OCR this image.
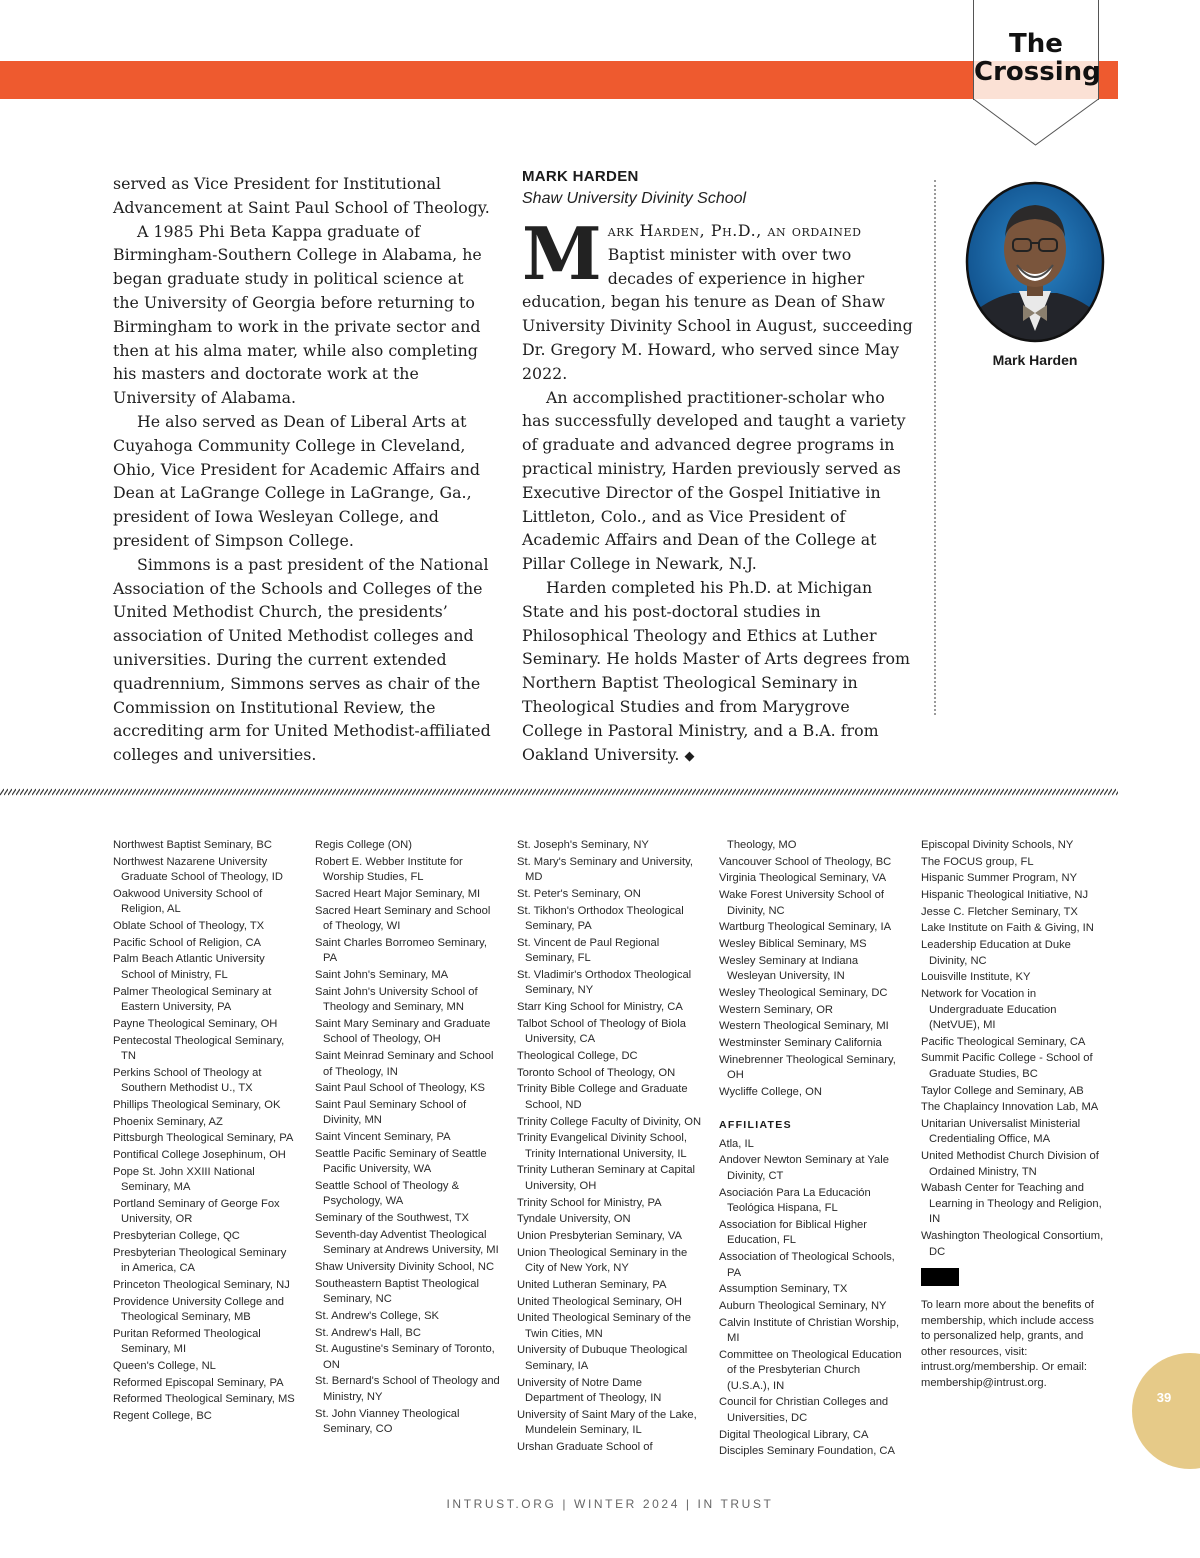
The
Crossing

served as Vice President for Institutional Advancement at Saint Paul School of Theology.

A 1985 Phi Beta Kappa graduate of Birmingham-Southern College in Alabama, he began graduate study in political science at the University of Georgia before returning to Birmingham to work in the private sector and then at his alma mater, while also completing his masters and doctorate work at the University of Alabama.

He also served as Dean of Liberal Arts at Cuyahoga Community College in Cleveland, Ohio, Vice President for Academic Affairs and Dean at LaGrange College in LaGrange, Ga., president of Iowa Wesleyan College, and president of Simpson College.

Simmons is a past president of the National Association of the Schools and Colleges of the United Methodist Church, the presidents’ association of United Methodist colleges and universities. During the current extended quadrennium, Simmons serves as chair of the Commission on Institutional Review, the accrediting arm for United Methodist-affiliated colleges and universities.

MARK HARDEN
Shaw University Divinity School

Mark Harden, Ph.D., an ordained Baptist minister with over two decades of experience in higher education, began his tenure as Dean of Shaw University Divinity School in August, succeeding Dr. Gregory M. Howard, who served since May 2022.

An accomplished practitioner-scholar who has successfully developed and taught a variety of graduate and advanced degree programs in practical ministry, Harden previously served as Executive Director of the Gospel Initiative in Littleton, Colo., and as Vice President of Academic Affairs and Dean of the College at Pillar College in Newark, N.J.

Harden completed his Ph.D. at Michigan State and his post-doctoral studies in Philosophical Theology and Ethics at Luther Seminary. He holds Master of Arts degrees from Northern Baptist Theological Seminary in Theological Studies and from Marygrove College in Pastoral Ministry, and a B.A. from Oakland University. ◆

Mark Harden
Northwest Baptist Seminary, BC
Northwest Nazarene University Graduate School of Theology, ID
Oakwood University School of Religion, AL
Oblate School of Theology, TX
Pacific School of Religion, CA
Palm Beach Atlantic University School of Ministry, FL
Palmer Theological Seminary at Eastern University, PA
Payne Theological Seminary, OH
Pentecostal Theological Seminary, TN
Perkins School of Theology at Southern Methodist U., TX
Phillips Theological Seminary, OK
Phoenix Seminary, AZ
Pittsburgh Theological Seminary, PA
Pontifical College Josephinum, OH
Pope St. John XXIII National Seminary, MA
Portland Seminary of George Fox University, OR
Presbyterian College, QC
Presbyterian Theological Seminary in America, CA
Princeton Theological Seminary, NJ
Providence University College and Theological Seminary, MB
Puritan Reformed Theological Seminary, MI
Queen's College, NL
Reformed Episcopal Seminary, PA
Reformed Theological Seminary, MS
Regent College, BC
Regis College (ON)
Robert E. Webber Institute for Worship Studies, FL
Sacred Heart Major Seminary, MI
Sacred Heart Seminary and School of Theology, WI
Saint Charles Borromeo Seminary, PA
Saint John's Seminary, MA
Saint John's University School of Theology and Seminary, MN
Saint Mary Seminary and Graduate School of Theology, OH
Saint Meinrad Seminary and School of Theology, IN
Saint Paul School of Theology, KS
Saint Paul Seminary School of Divinity, MN
Saint Vincent Seminary, PA
Seattle Pacific Seminary of Seattle Pacific University, WA
Seattle School of Theology & Psychology, WA
Seminary of the Southwest, TX
Seventh-day Adventist Theological Seminary at Andrews University, MI
Shaw University Divinity School, NC
Southeastern Baptist Theological Seminary, NC
St. Andrew's College, SK
St. Andrew's Hall, BC
St. Augustine's Seminary of Toronto, ON
St. Bernard's School of Theology and Ministry, NY
St. John Vianney Theological Seminary, CO
St. Joseph's Seminary, NY
St. Mary's Seminary and University, MD
St. Peter's Seminary, ON
St. Tikhon's Orthodox Theological Seminary, PA
St. Vincent de Paul Regional Seminary, FL
St. Vladimir's Orthodox Theological Seminary, NY
Starr King School for Ministry, CA
Talbot School of Theology of Biola University, CA
Theological College, DC
Toronto School of Theology, ON
Trinity Bible College and Graduate School, ND
Trinity College Faculty of Divinity, ON
Trinity Evangelical Divinity School, Trinity International University, IL
Trinity Lutheran Seminary at Capital University, OH
Trinity School for Ministry, PA
Tyndale University, ON
Union Presbyterian Seminary, VA
Union Theological Seminary in the City of New York, NY
United Lutheran Seminary, PA
United Theological Seminary, OH
United Theological Seminary of the Twin Cities, MN
University of Dubuque Theological Seminary, IA
University of Notre Dame Department of Theology, IN
University of Saint Mary of the Lake, Mundelein Seminary, IL
Urshan Graduate School of
Theology, MO
Vancouver School of Theology, BC
Virginia Theological Seminary, VA
Wake Forest University School of Divinity, NC
Wartburg Theological Seminary, IA
Wesley Biblical Seminary, MS
Wesley Seminary at Indiana Wesleyan University, IN
Wesley Theological Seminary, DC
Western Seminary, OR
Western Theological Seminary, MI
Westminster Seminary California
Winebrenner Theological Seminary, OH
Wycliffe College, ON
AFFILIATES
Atla, IL
Andover Newton Seminary at Yale Divinity, CT
Asociación Para La Educación Teológica Hispana, FL
Association for Biblical Higher Education, FL
Association of Theological Schools, PA
Assumption Seminary, TX
Auburn Theological Seminary, NY
Calvin Institute of Christian Worship, MI
Committee on Theological Education of the Presbyterian Church (U.S.A.), IN
Council for Christian Colleges and Universities, DC
Digital Theological Library, CA
Disciples Seminary Foundation, CA
Episcopal Divinity Schools, NY
The FOCUS group, FL
Hispanic Summer Program, NY
Hispanic Theological Initiative, NJ
Jesse C. Fletcher Seminary, TX
Lake Institute on Faith & Giving, IN
Leadership Education at Duke Divinity, NC
Louisville Institute, KY
Network for Vocation in Undergraduate Education (NetVUE), MI
Pacific Theological Seminary, CA
Summit Pacific College - School of Graduate Studies, BC
Taylor College and Seminary, AB
The Chaplaincy Innovation Lab, MA
Unitarian Universalist Ministerial Credentialing Office, MA
United Methodist Church Division of Ordained Ministry, TN
Wabash Center for Teaching and Learning in Theology and Religion, IN
Washington Theological Consortium, DC
To learn more about the benefits of membership, which include access to personalized help, grants, and other resources, visit: intrust.org/membership. Or email: membership@intrust.org.
INTRUST.ORG | WINTER 2024 | IN TRUST
39
